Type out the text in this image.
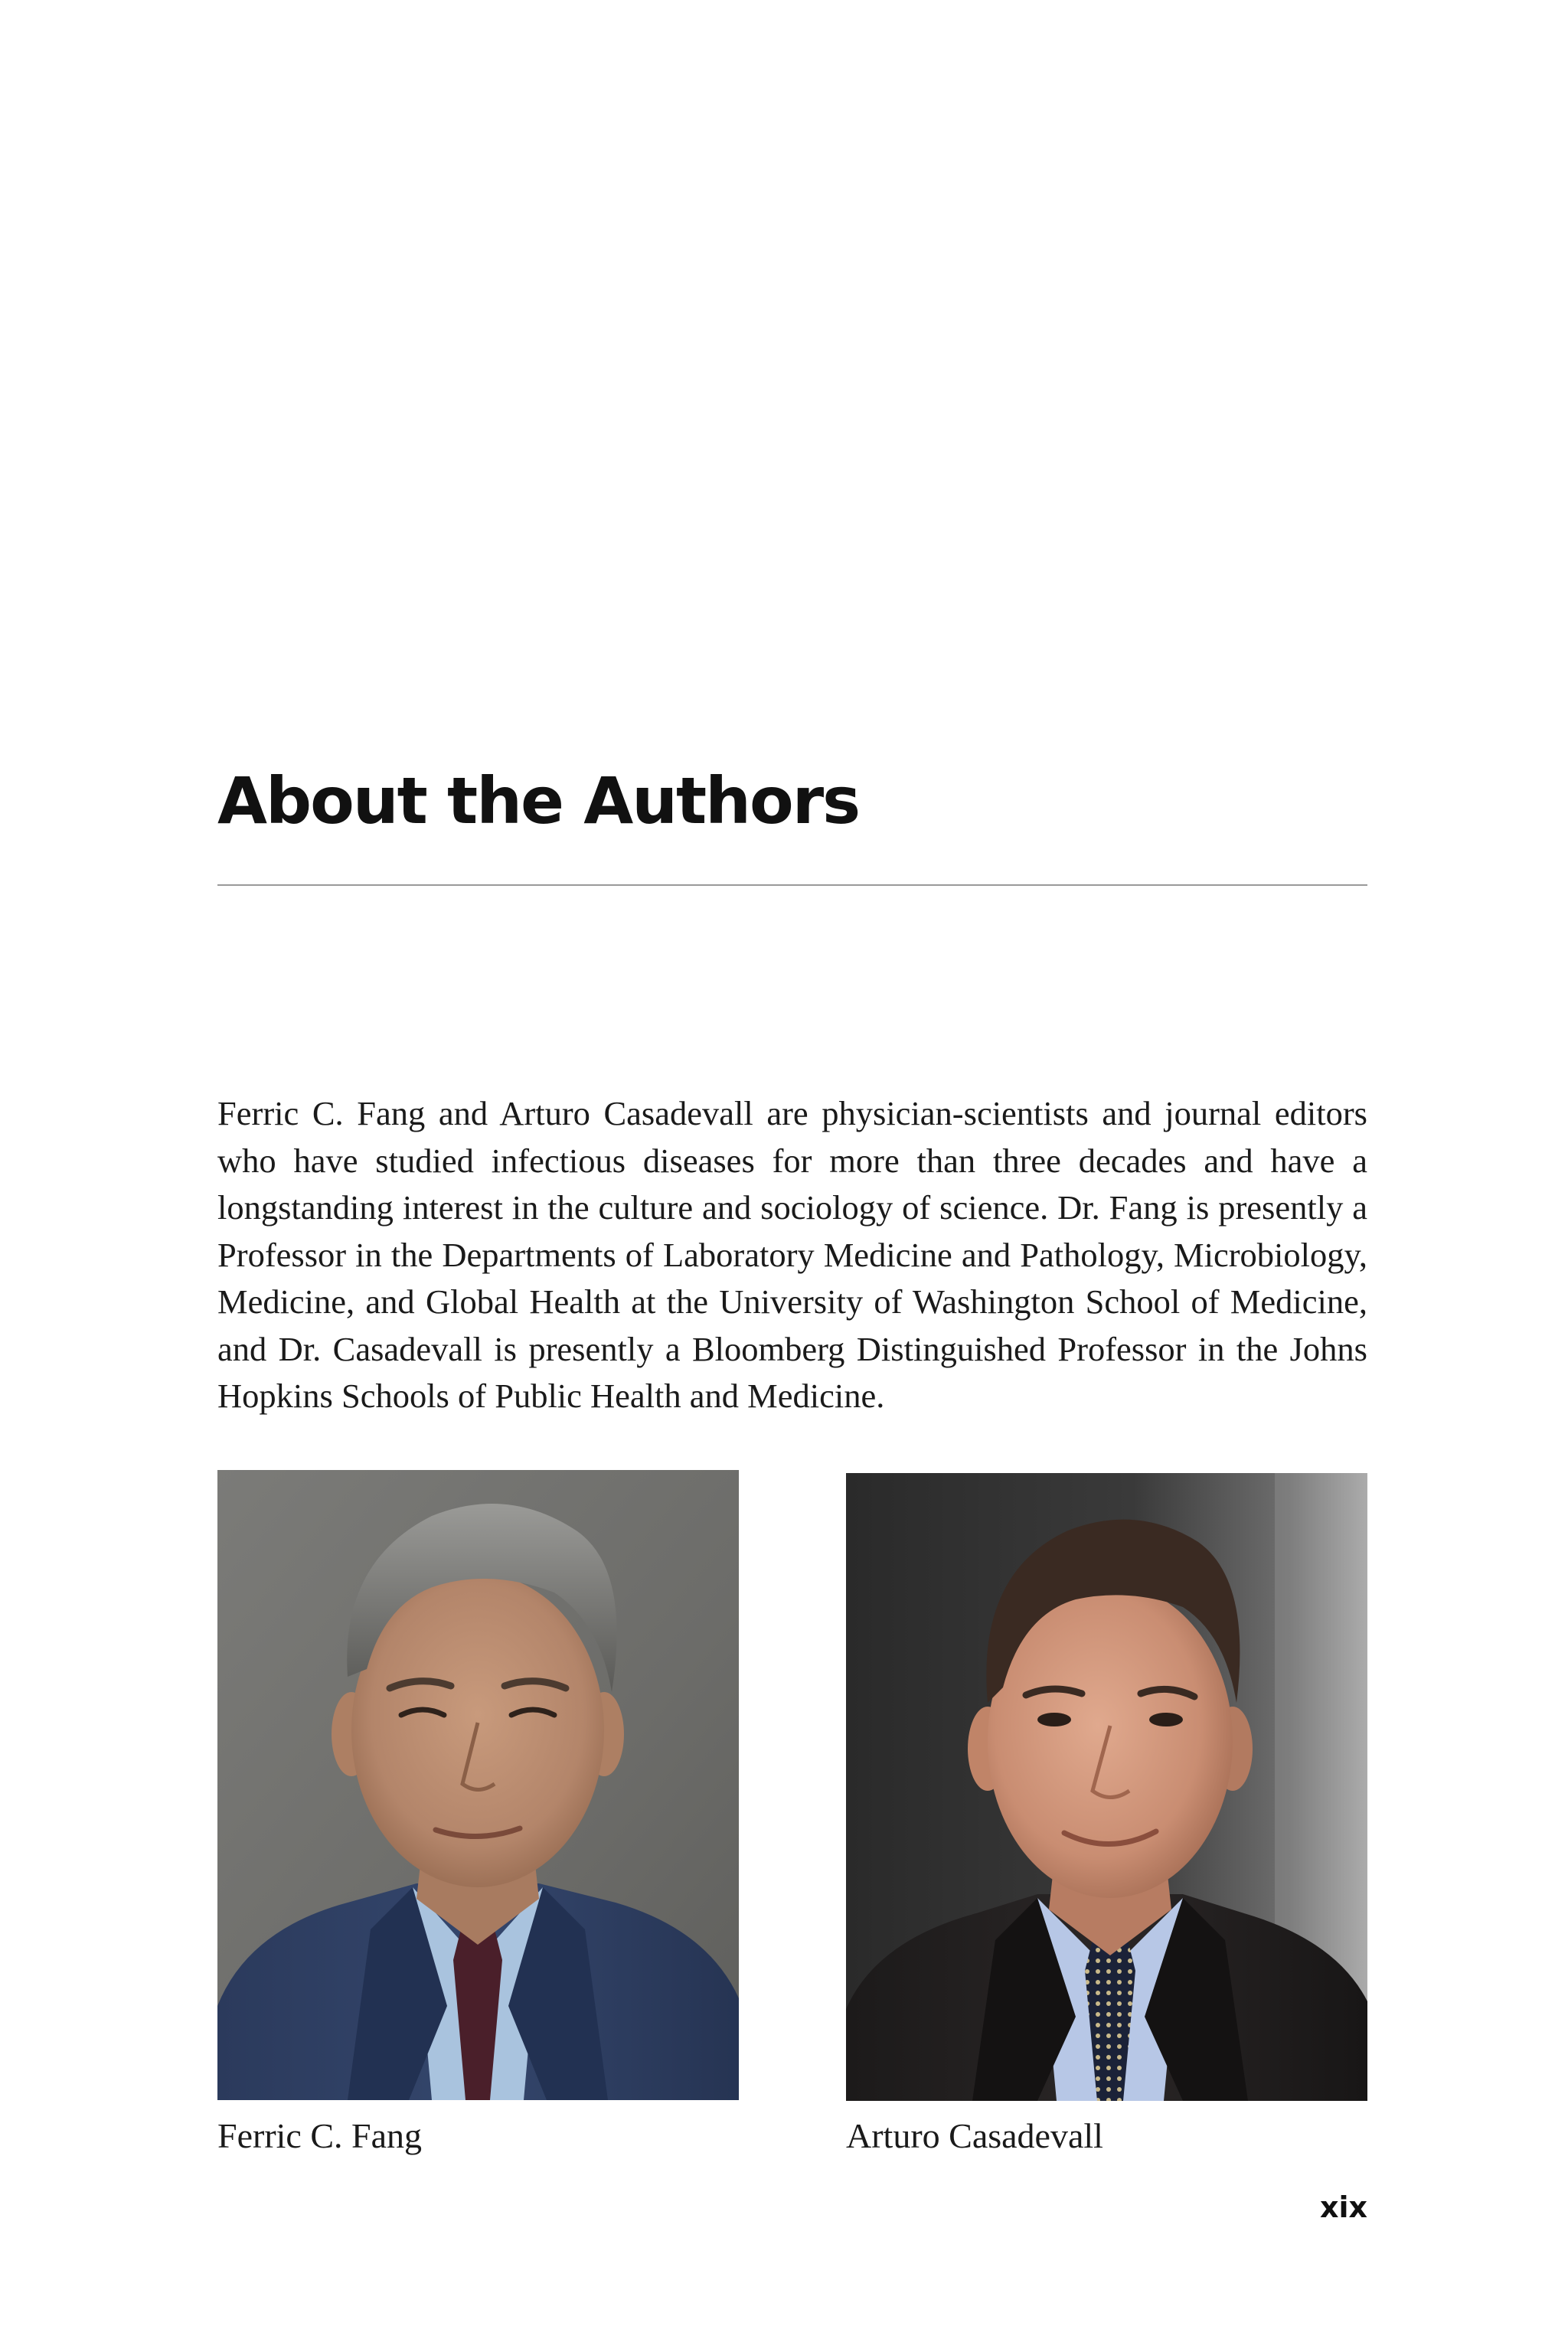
About the Authors

Ferric C. Fang and Arturo Casadevall are physician-scientists and journal editors who have studied infectious diseases for more than three decades and have a longstanding interest in the culture and sociology of science. Dr. Fang is presently a Professor in the Departments of Laboratory Medicine and Pathology, Microbiology, Medicine, and Global Health at the University of Washington School of Medicine, and Dr. Casadevall is presently a Bloomberg Distinguished Professor in the Johns Hopkins Schools of Public Health and Medicine.

Ferric C. Fang	Arturo Casadevall

xix
